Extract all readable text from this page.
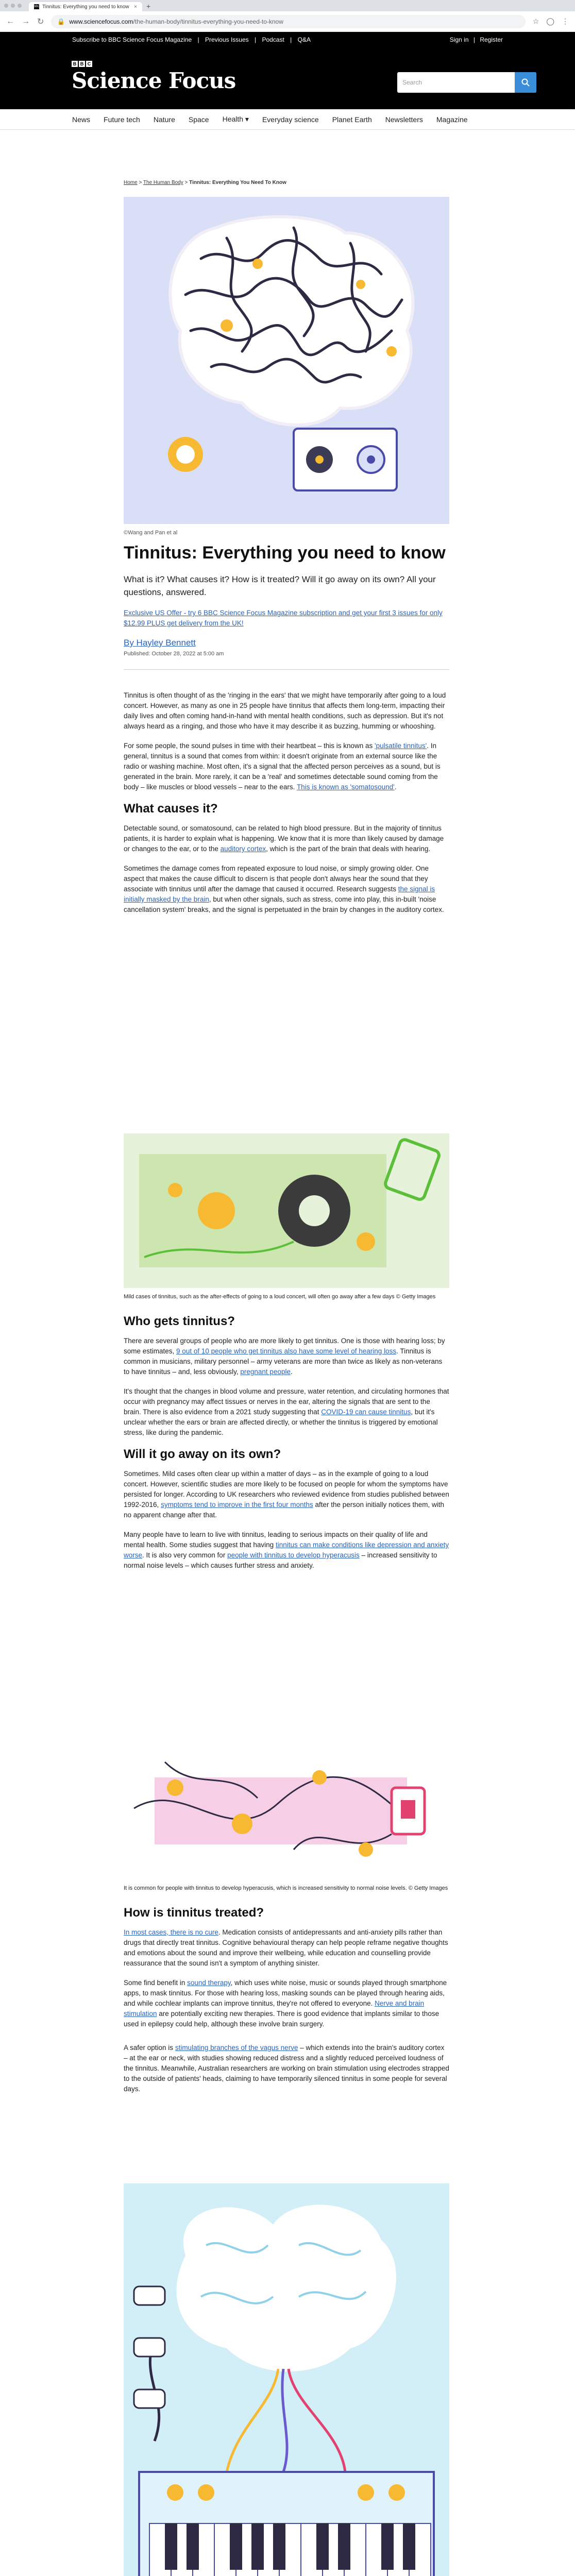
BBC Tinnitus: Everything you need to know × +
← → ↻ 🔒 www.sciencefocus.com/the-human-body/tinnitus-everything-you-need-to-know	☆ ◯ ⋮
Subscribe to BBC Science Focus Magazine | Previous Issues | Podcast | Q&A	Sign in | Register
B B C
Science Focus	Search
News Future tech Nature Space Health ▾ Everyday science Planet Earth Newsletters Magazine
Home > The Human Body > Tinnitus: Everything You Need To Know
©Wang and Pan et al
Tinnitus: Everything you need to know

What is it? What causes it? How is it treated? Will it go away on its own? All your questions, answered.

Exclusive US Offer - try 6 BBC Science Focus Magazine subscription and get your first 3 issues for only $12.99 PLUS get delivery from the UK!

By Hayley Bennett
Published: October 28, 2022 at 5:00 am

Tinnitus is often thought of as the 'ringing in the ears' that we might have temporarily after going to a loud concert. However, as many as one in 25 people have tinnitus that affects them long-term, impacting their daily lives and often coming hand-in-hand with mental health conditions, such as depression. But it's not always heard as a ringing, and those who have it may describe it as buzzing, humming or whooshing.

For some people, the sound pulses in time with their heartbeat – this is known as 'pulsatile tinnitus'. In general, tinnitus is a sound that comes from within: it doesn't originate from an external source like the radio or washing machine. Most often, it's a signal that the affected person perceives as a sound, but is generated in the brain. More rarely, it can be a 'real' and sometimes detectable sound coming from the body – like muscles or blood vessels – near to the ears. This is known as 'somatosound'.

What causes it?

Detectable sound, or somatosound, can be related to high blood pressure. But in the majority of tinnitus patients, it is harder to explain what is happening. We know that it is more than likely caused by damage or changes to the ear, or to the auditory cortex, which is the part of the brain that deals with hearing.

Sometimes the damage comes from repeated exposure to loud noise, or simply growing older. One aspect that makes the cause difficult to discern is that people don't always hear the sound that they associate with tinnitus until after the damage that caused it occurred. Research suggests the signal is initially masked by the brain, but when other signals, such as stress, come into play, this in-built 'noise cancellation system' breaks, and the signal is perpetuated in the brain by changes in the auditory cortex.

Mild cases of tinnitus, such as the after-effects of going to a loud concert, will often go away after a few days © Getty Images

Who gets tinnitus?

There are several groups of people who are more likely to get tinnitus. One is those with hearing loss; by some estimates, 9 out of 10 people who get tinnitus also have some level of hearing loss. Tinnitus is common in musicians, military personnel – army veterans are more than twice as likely as non-veterans to have tinnitus – and, less obviously, pregnant people.

It's thought that the changes in blood volume and pressure, water retention, and circulating hormones that occur with pregnancy may affect tissues or nerves in the ear, altering the signals that are sent to the brain. There is also evidence from a 2021 study suggesting that COVID-19 can cause tinnitus, but it's unclear whether the ears or brain are affected directly, or whether the tinnitus is triggered by emotional stress, like during the pandemic.

Will it go away on its own?

Sometimes. Mild cases often clear up within a matter of days – as in the example of going to a loud concert. However, scientific studies are more likely to be focused on people for whom the symptoms have persisted for longer. According to UK researchers who reviewed evidence from studies published between 1992-2016, symptoms tend to improve in the first four months after the person initially notices them, with no apparent change after that.

Many people have to learn to live with tinnitus, leading to serious impacts on their quality of life and mental health. Some studies suggest that having tinnitus can make conditions like depression and anxiety worse. It is also very common for people with tinnitus to develop hyperacusis – increased sensitivity to normal noise levels – which causes further stress and anxiety.

It is common for people with tinnitus to develop hyperacusis, which is increased sensitivity to normal noise levels. © Getty Images

How is tinnitus treated?

In most cases, there is no cure. Medication consists of antidepressants and anti-anxiety pills rather than drugs that directly treat tinnitus. Cognitive behavioural therapy can help people reframe negative thoughts and emotions about the sound and improve their wellbeing, while education and counselling provide reassurance that the sound isn't a symptom of anything sinister.

Some find benefit in sound therapy, which uses white noise, music or sounds played through smartphone apps, to mask tinnitus. For those with hearing loss, masking sounds can be played through hearing aids, and while cochlear implants can improve tinnitus, they're not offered to everyone. Nerve and brain stimulation are potentially exciting new therapies. There is good evidence that implants similar to those used in epilepsy could help, although these involve brain surgery.

A safer option is stimulating branches of the vagus nerve – which extends into the brain's auditory cortex – at the ear or neck, with studies showing reduced distress and a slightly reduced perceived loudness of the tinnitus. Meanwhile, Australian researchers are working on brain stimulation using electrodes strapped to the outside of patients' heads, claiming to have temporarily silenced tinnitus in some people for several days.
